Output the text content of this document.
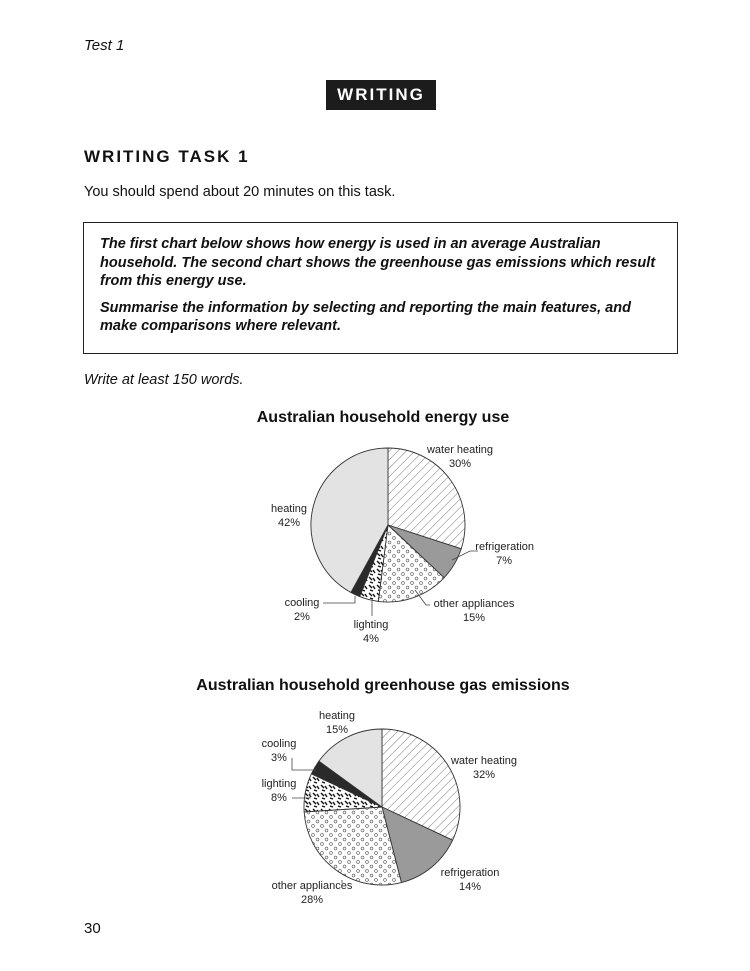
Test 1
WRITING
WRITING TASK 1
You should spend about 20 minutes on this task.

The first chart below shows how energy is used in an average Australian household. The second chart shows the greenhouse gas emissions which result from this energy use.

Summarise the information by selecting and reporting the main features, and make comparisons where relevant.

Write at least 150 words.
Australian household energy use
water heating
30%
refrigeration
7%
other appliances
15%
lighting
4%
cooling
2%
heating
42%
Australian household greenhouse gas emissions
water heating
32%
refrigeration
14%
other appliances
28%
lighting
8%
cooling
3%
heating
15%
30
